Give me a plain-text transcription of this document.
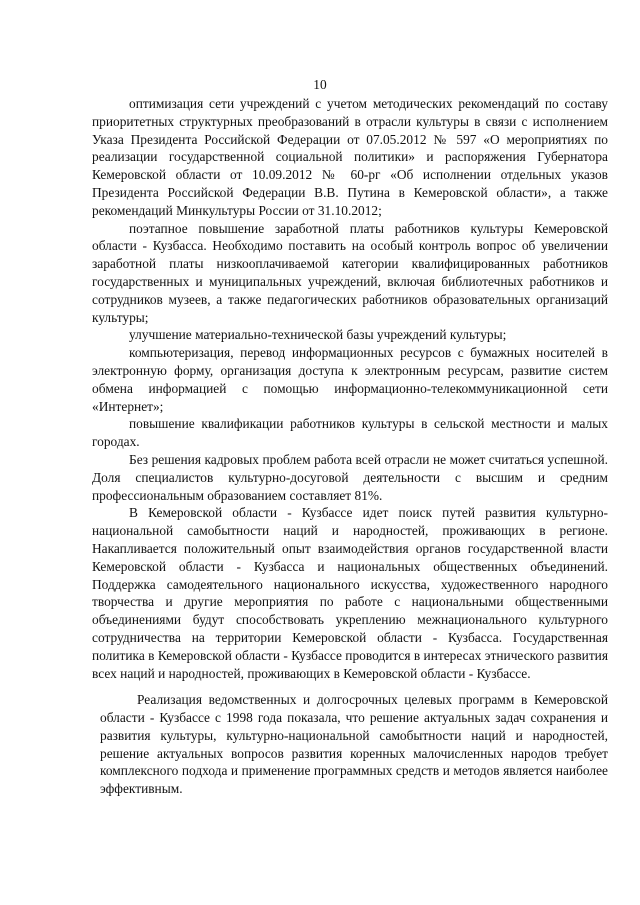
10

оптимизация сети учреждений с учетом методических рекомендаций по составу приоритетных структурных преобразований в отрасли культуры в связи с исполнением Указа Президента Российской Федерации от 07.05.2012 № 597 «О мероприятиях по реализации государственной социальной политики» и распоряжения Губернатора Кемеровской области от 10.09.2012 № 60-рг «Об исполнении отдельных указов Президента Российской Федерации В.В. Путина в Кемеровской области», а также рекомендаций Минкультуры России от 31.10.2012;

поэтапное повышение заработной платы работников культуры Кемеровской области - Кузбасса. Необходимо поставить на особый контроль вопрос об увеличении заработной платы низкооплачиваемой категории квалифицированных работников государственных и муниципальных учреждений, включая библиотечных работников и сотрудников музеев, а также педагогических работников образовательных организаций культуры;

улучшение материально-технической базы учреждений культуры;

компьютеризация, перевод информационных ресурсов с бумажных носителей в электронную форму, организация доступа к электронным ресурсам, развитие систем обмена информацией с помощью информационно-телекоммуникационной сети «Интернет»;

повышение квалификации работников культуры в сельской местности и малых городах.

Без решения кадровых проблем работа всей отрасли не может считаться успешной. Доля специалистов культурно-досуговой деятельности с высшим и средним профессиональным образованием составляет 81%.

В Кемеровской области - Кузбассе идет поиск путей развития культурно-национальной самобытности наций и народностей, проживающих в регионе. Накапливается положительный опыт взаимодействия органов государственной власти Кемеровской области - Кузбасса и национальных общественных объединений. Поддержка самодеятельного национального искусства, художественного народного творчества и другие мероприятия по работе с национальными общественными объединениями будут способствовать укреплению межнационального культурного сотрудничества на территории Кемеровской области - Кузбасса. Государственная политика в Кемеровской области - Кузбассе проводится в интересах этнического развития всех наций и народностей, проживающих в Кемеровской области - Кузбассе.

Реализация ведомственных и долгосрочных целевых программ в Кемеровской области - Кузбассе с 1998 года показала, что решение актуальных задач сохранения и развития культуры, культурно-национальной самобытности наций и народностей, решение актуальных вопросов развития коренных малочисленных народов требует комплексного подхода и применение программных средств и методов является наиболее эффективным.
